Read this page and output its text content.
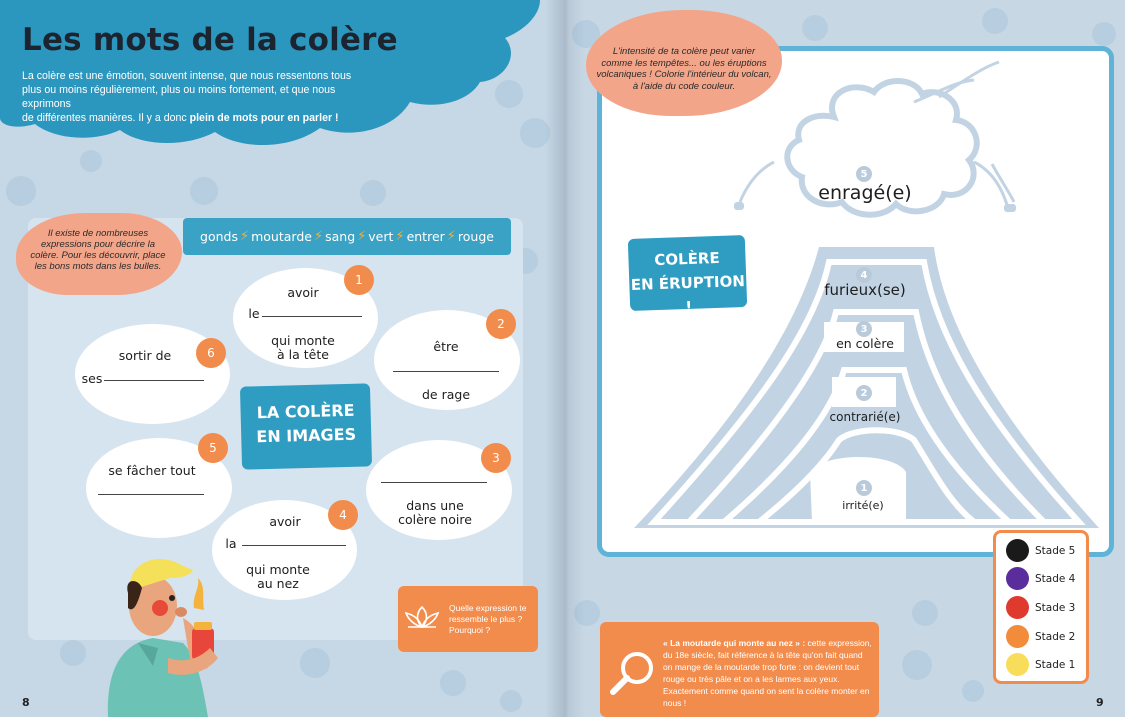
Les mots de la colère
La colère est une émotion, souvent intense, que nous ressentons tous
plus ou moins régulièrement, plus ou moins fortement, et que nous exprimons
de différentes manières. Il y a donc plein de mots pour en parler !
Il existe de nombreuses expressions pour décrire la colère. Pour les découvrir, place les bons mots dans les bulles.
gonds ⚡ moutarde ⚡ sang ⚡ vert ⚡ entrer ⚡ rouge
avoir
le
qui monte
à la tête
1
être
de rage
2
sortir de
ses
6
LA COLÈRE
EN IMAGES
se fâcher tout
5
dans une
colère noire
3
avoir
la
qui monte
au nez
4
Quelle expression te ressemble le plus ? Pourquoi ?
8
L'intensité de ta colère peut varier comme les tempêtes... ou les éruptions volcaniques ! Colorie l'intérieur du volcan, à l'aide du code couleur.
COLÈRE
EN ÉRUPTION !
5
enragé(e)
4
furieux(se)
3
en colère
2
contrarié(e)
1
irrité(e)
Stade 5
Stade 4
Stade 3
Stade 2
Stade 1
« La moutarde qui monte au nez » : cette expression, du 18e siècle, fait référence à la tête qu'on fait quand on mange de la moutarde trop forte : on devient tout rouge ou très pâle et on a les larmes aux yeux. Exactement comme quand on sent la colère monter en nous !	9
